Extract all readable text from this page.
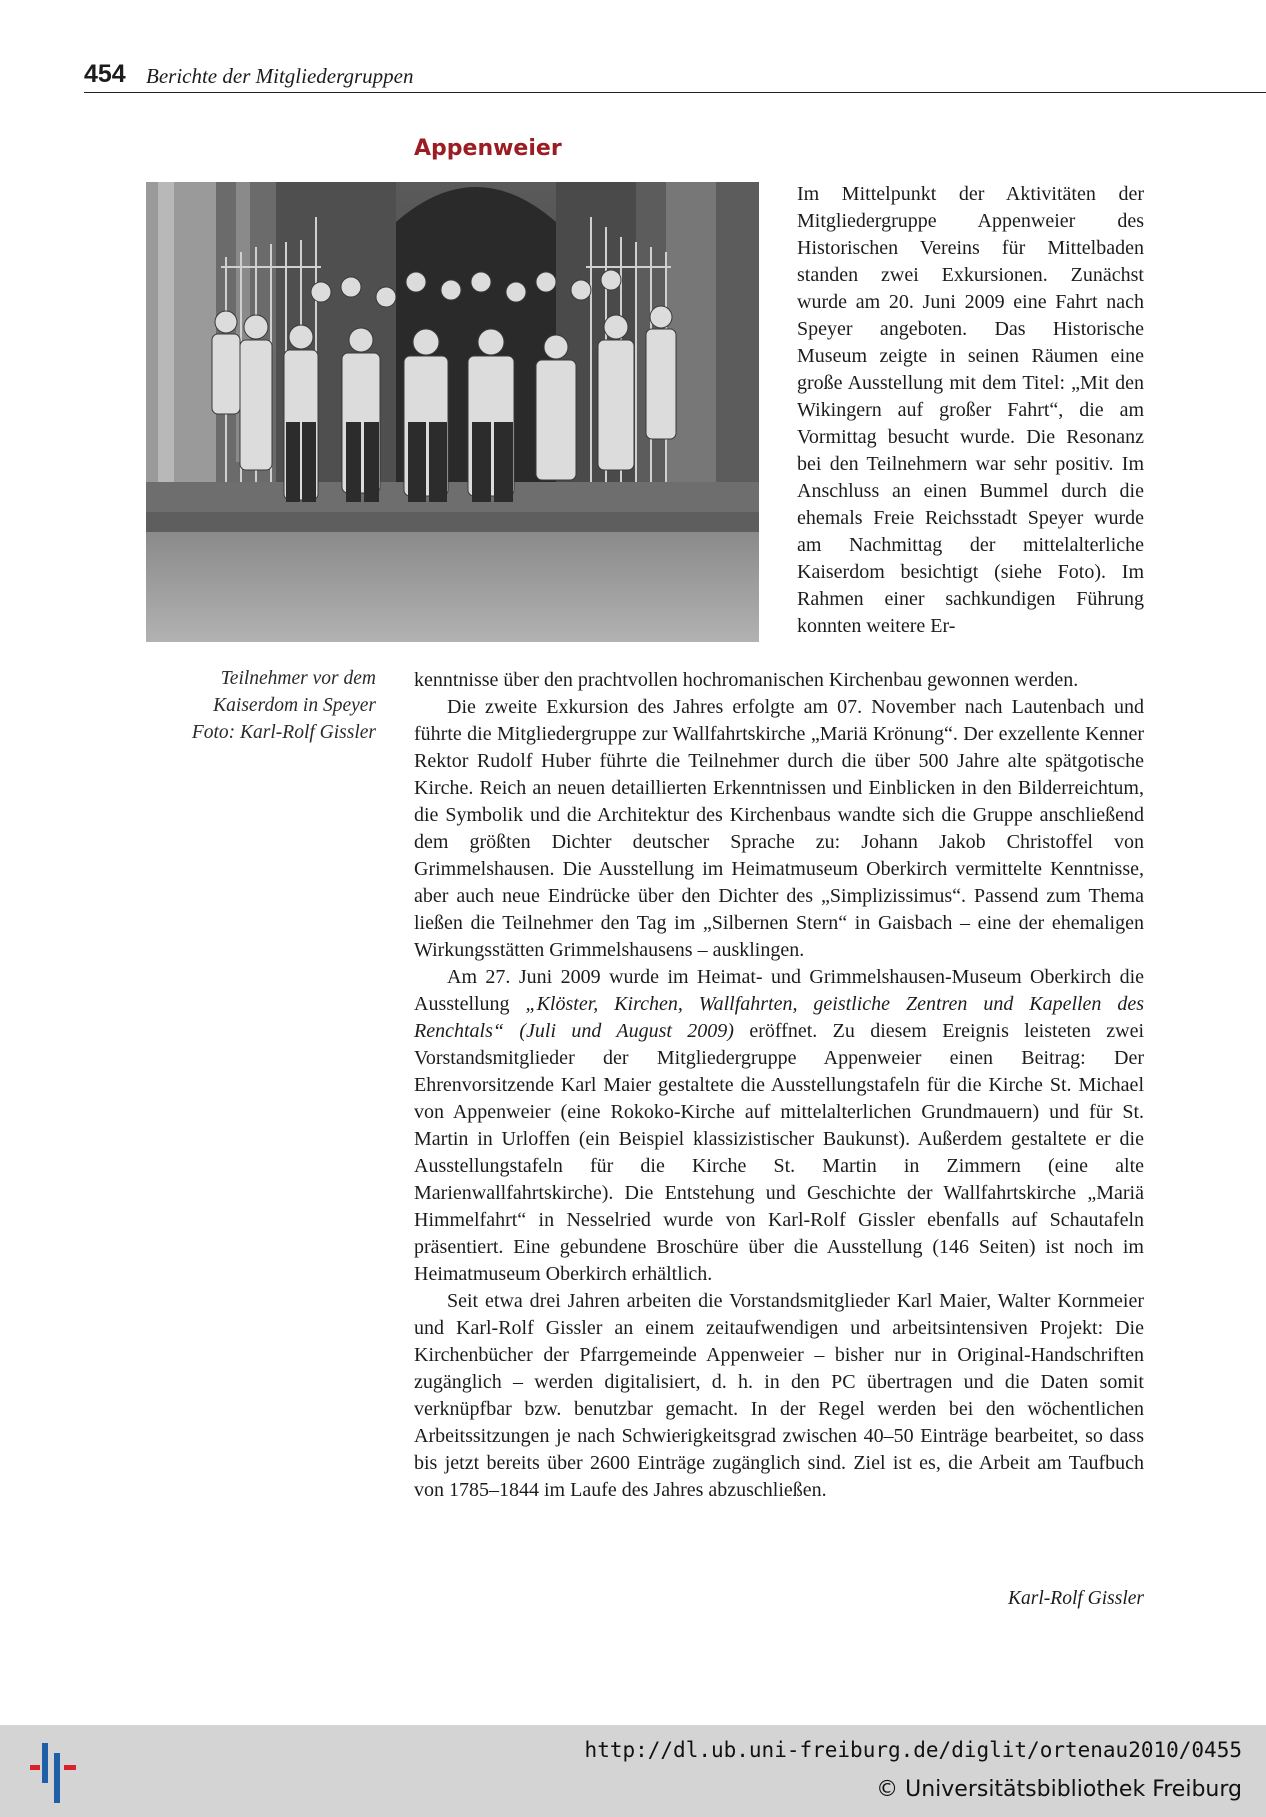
454 Berichte der Mitgliedergruppen
Appenweier
Teilnehmer vor dem
Kaiserdom in Speyer
Foto: Karl-Rolf Gissler

Im Mittelpunkt der Aktivitäten der Mitgliedergruppe Appenweier des Historischen Vereins für Mittelbaden standen zwei Exkursionen. Zunächst wurde am 20. Juni 2009 eine Fahrt nach Speyer angeboten. Das Historische Museum zeigte in seinen Räumen eine große Ausstellung mit dem Titel: „Mit den Wikingern auf großer Fahrt“, die am Vormittag besucht wurde. Die Resonanz bei den Teilnehmern war sehr positiv. Im Anschluss an einen Bummel durch die ehemals Freie Reichsstadt Speyer wurde am Nachmittag der mittelalterliche Kaiserdom besichtigt (siehe Foto). Im Rahmen einer sachkundigen Führung konnten weitere Er-

kenntnisse über den prachtvollen hochromanischen Kirchenbau gewonnen werden.

Die zweite Exkursion des Jahres erfolgte am 07. November nach Lautenbach und führte die Mitgliedergruppe zur Wallfahrtskirche „Mariä Krönung“. Der exzellente Kenner Rektor Rudolf Huber führte die Teilnehmer durch die über 500 Jahre alte spätgotische Kirche. Reich an neuen detaillierten Erkenntnissen und Einblicken in den Bilderreichtum, die Symbolik und die Architektur des Kirchenbaus wandte sich die Gruppe anschließend dem größten Dichter deutscher Sprache zu: Johann Jakob Christoffel von Grimmelshausen. Die Ausstellung im Heimatmuseum Oberkirch vermittelte Kenntnisse, aber auch neue Eindrücke über den Dichter des „Simplizissimus“. Passend zum Thema ließen die Teilnehmer den Tag im „Silbernen Stern“ in Gaisbach – eine der ehemaligen Wirkungsstätten Grimmelshausens – ausklingen.

Am 27. Juni 2009 wurde im Heimat- und Grimmelshausen-Museum Oberkirch die Ausstellung „Klöster, Kirchen, Wallfahrten, geistliche Zentren und Kapellen des Renchtals“ (Juli und August 2009) eröffnet. Zu diesem Ereignis leisteten zwei Vorstandsmitglieder der Mitgliedergruppe Appenweier einen Beitrag: Der Ehrenvorsitzende Karl Maier gestaltete die Ausstellungstafeln für die Kirche St. Michael von Appenweier (eine Rokoko-Kirche auf mittelalterlichen Grundmauern) und für St. Martin in Urloffen (ein Beispiel klassizistischer Baukunst). Außerdem gestaltete er die Ausstellungstafeln für die Kirche St. Martin in Zimmern (eine alte Marienwallfahrtskirche). Die Entstehung und Geschichte der Wallfahrtskirche „Mariä Himmelfahrt“ in Nesselried wurde von Karl-Rolf Gissler ebenfalls auf Schautafeln präsentiert. Eine gebundene Broschüre über die Ausstellung (146 Seiten) ist noch im Heimatmuseum Oberkirch erhältlich.

Seit etwa drei Jahren arbeiten die Vorstandsmitglieder Karl Maier, Walter Kornmeier und Karl-Rolf Gissler an einem zeitaufwendigen und arbeitsintensiven Projekt: Die Kirchenbücher der Pfarrgemeinde Appenweier – bisher nur in Original-Handschriften zugänglich – werden digitalisiert, d. h. in den PC übertragen und die Daten somit verknüpfbar bzw. benutzbar gemacht. In der Regel werden bei den wöchentlichen Arbeitssitzungen je nach Schwierigkeitsgrad zwischen 40–50 Einträge bearbeitet, so dass bis jetzt bereits über 2600 Einträge zugänglich sind. Ziel ist es, die Arbeit am Taufbuch von 1785–1844 im Laufe des Jahres abzuschließen.

Karl-Rolf Gissler
http://dl.ub.uni-freiburg.de/diglit/ortenau2010/0455
© Universitätsbibliothek Freiburg
